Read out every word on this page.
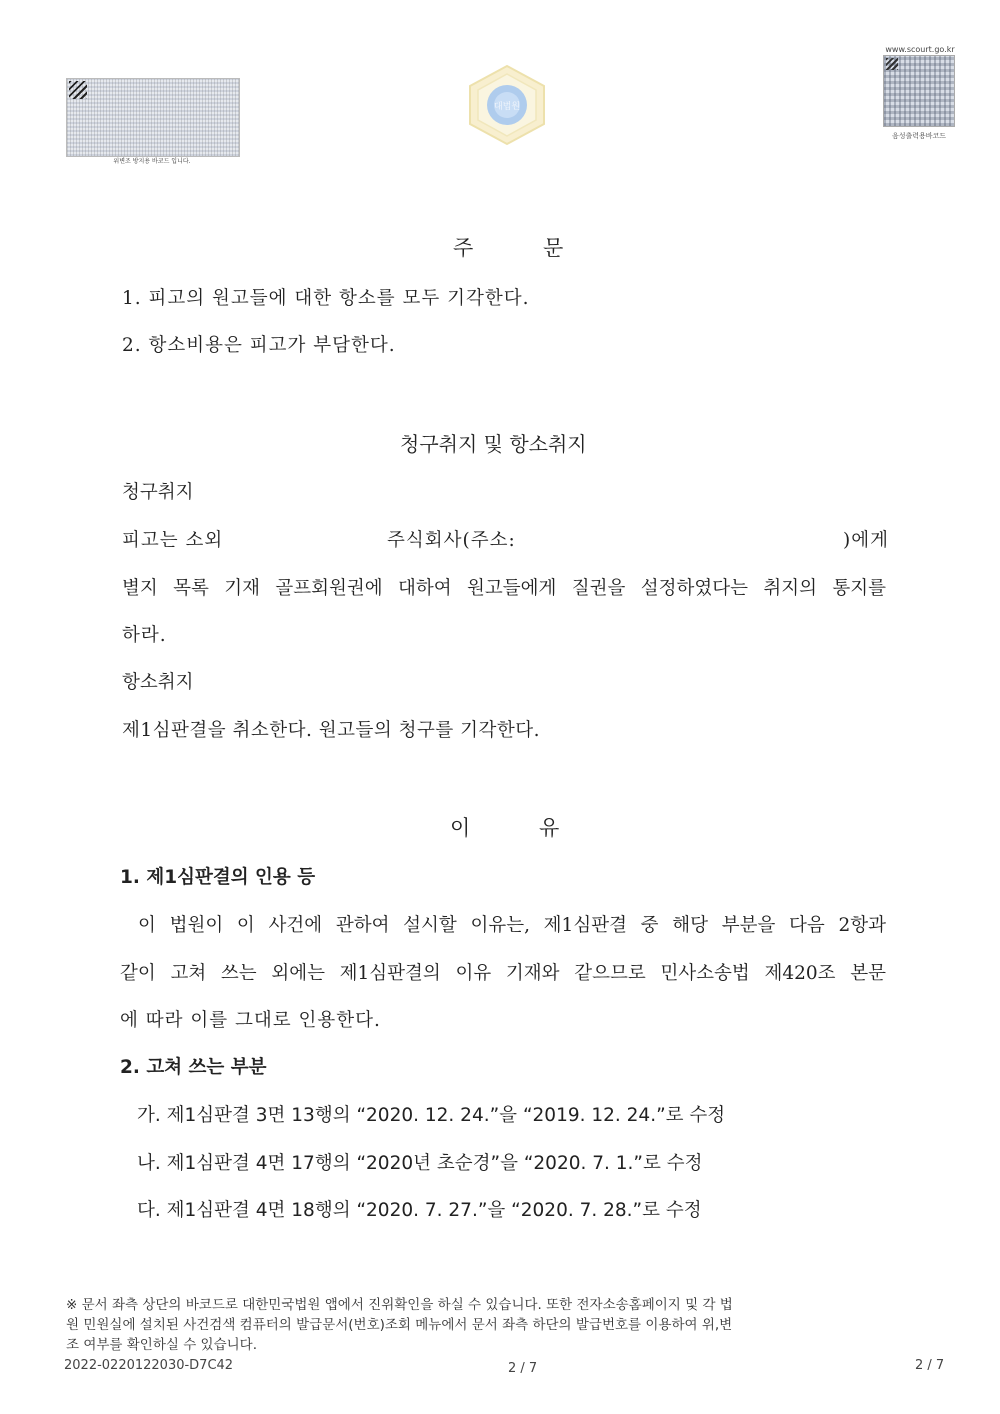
위변조 방지용 바코드 입니다.
대법원
www.scourt.go.kr
음성출력용바코드
주	문
1. 피고의 원고들에 대한 항소를 모두 기각한다.
2. 항소비용은 피고가 부담한다.
청구취지 및 항소취지
청구취지
피고는 소외	주식회사(주소:	)에게
별지 목록 기재 골프회원권에 대하여 원고들에게 질권을 설정하였다는 취지의 통지를
하라.
항소취지
제1심판결을 취소한다. 원고들의 청구를 기각한다.
이	유
1. 제1심판결의 인용 등
이 법원이 이 사건에 관하여 설시할 이유는, 제1심판결 중 해당 부분을 다음 2항과
같이 고쳐 쓰는 외에는 제1심판결의 이유 기재와 같으므로 민사소송법 제420조 본문
에 따라 이를 그대로 인용한다.
2. 고쳐 쓰는 부분
가. 제1심판결 3면 13행의 “2020. 12. 24.”을 “2019. 12. 24.”로 수정
나. 제1심판결 4면 17행의 “2020년 초순경”을 “2020. 7. 1.”로 수정
다. 제1심판결 4면 18행의 “2020. 7. 27.”을 “2020. 7. 28.”로 수정
※ 문서 좌측 상단의 바코드로 대한민국법원 앱에서 진위확인을 하실 수 있습니다. 또한 전자소송홈페이지 및 각 법
원 민원실에 설치된 사건검색 컴퓨터의 발급문서(번호)조회 메뉴에서 문서 좌측 하단의 발급번호를 이용하여 위,변
조 여부를 확인하실 수 있습니다.
2022-0220122030-D7C42	2 / 7	2 / 7
